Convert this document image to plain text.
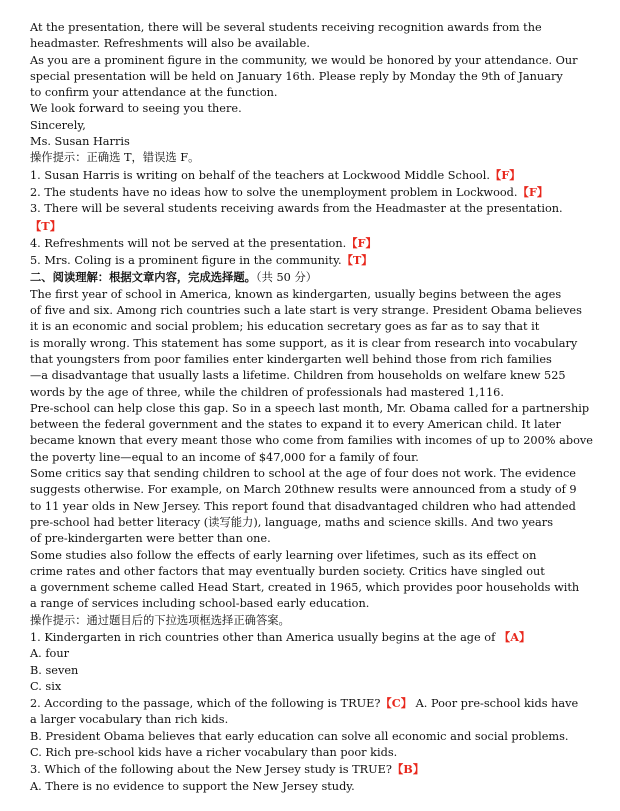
At the presentation, there will be several students receiving recognition awards from the
headmaster. Refreshments will also be available.
As you are a prominent figure in the community, we would be honored by your attendance. Our
special presentation will be held on January 16th. Please reply by Monday the 9th of January
to confirm your attendance at the function.
We look forward to seeing you there.
Sincerely,
Ms. Susan Harris
操作提示：正确选 T，错误选 F。
1. Susan Harris is writing on behalf of the teachers at Lockwood Middle School.【F】
2. The students have no ideas how to solve the unemployment problem in Lockwood.【F】
3. There will be several students receiving awards from the Headmaster at the presentation.
【T】
4. Refreshments will not be served at the presentation.【F】
5. Mrs. Coling is a prominent figure in the community.【T】
二、阅读理解：根据文章内容，完成选择题。（共 50 分）
The first year of school in America, known as kindergarten, usually begins between the ages
of five and six. Among rich countries such a late start is very strange. President Obama believes
it is an economic and social problem; his education secretary goes as far as to say that it
is morally wrong. This statement has some support, as it is clear from research into vocabulary
that youngsters from poor families enter kindergarten well behind those from rich families
—a disadvantage that usually lasts a lifetime. Children from households on welfare knew 525
words by the age of three, while the children of professionals had mastered 1,116.
Pre-school can help close this gap. So in a speech last month, Mr. Obama called for a partnership
between the federal government and the states to expand it to every American child. It later
became known that every meant those who come from families with incomes of up to 200% above
the poverty line—equal to an income of $47,000 for a family of four.
Some critics say that sending children to school at the age of four does not work. The evidence
suggests otherwise. For example, on March 20thnew results were announced from a study of 9
to 11 year olds in New Jersey. This report found that disadvantaged children who had attended
pre-school had better literacy (读写能力), language, maths and science skills. And two years
of pre-kindergarten were better than one.
Some studies also follow the effects of early learning over lifetimes, such as its effect on
crime rates and other factors that may eventually burden society. Critics have singled out
a government scheme called Head Start, created in 1965, which provides poor households with
a range of services including school-based early education.
操作提示：通过题目后的下拉选项框选择正确答案。
1. Kindergarten in rich countries other than America usually begins at the age of 【A】
A. four
B. seven
C. six
2. According to the passage, which of the following is TRUE?【C】 A. Poor pre-school kids have
a larger vocabulary than rich kids.
B. President Obama believes that early education can solve all economic and social problems.
C. Rich pre-school kids have a richer vocabulary than poor kids.
3. Which of the following about the New Jersey study is TRUE?【B】
A. There is no evidence to support the New Jersey study.
